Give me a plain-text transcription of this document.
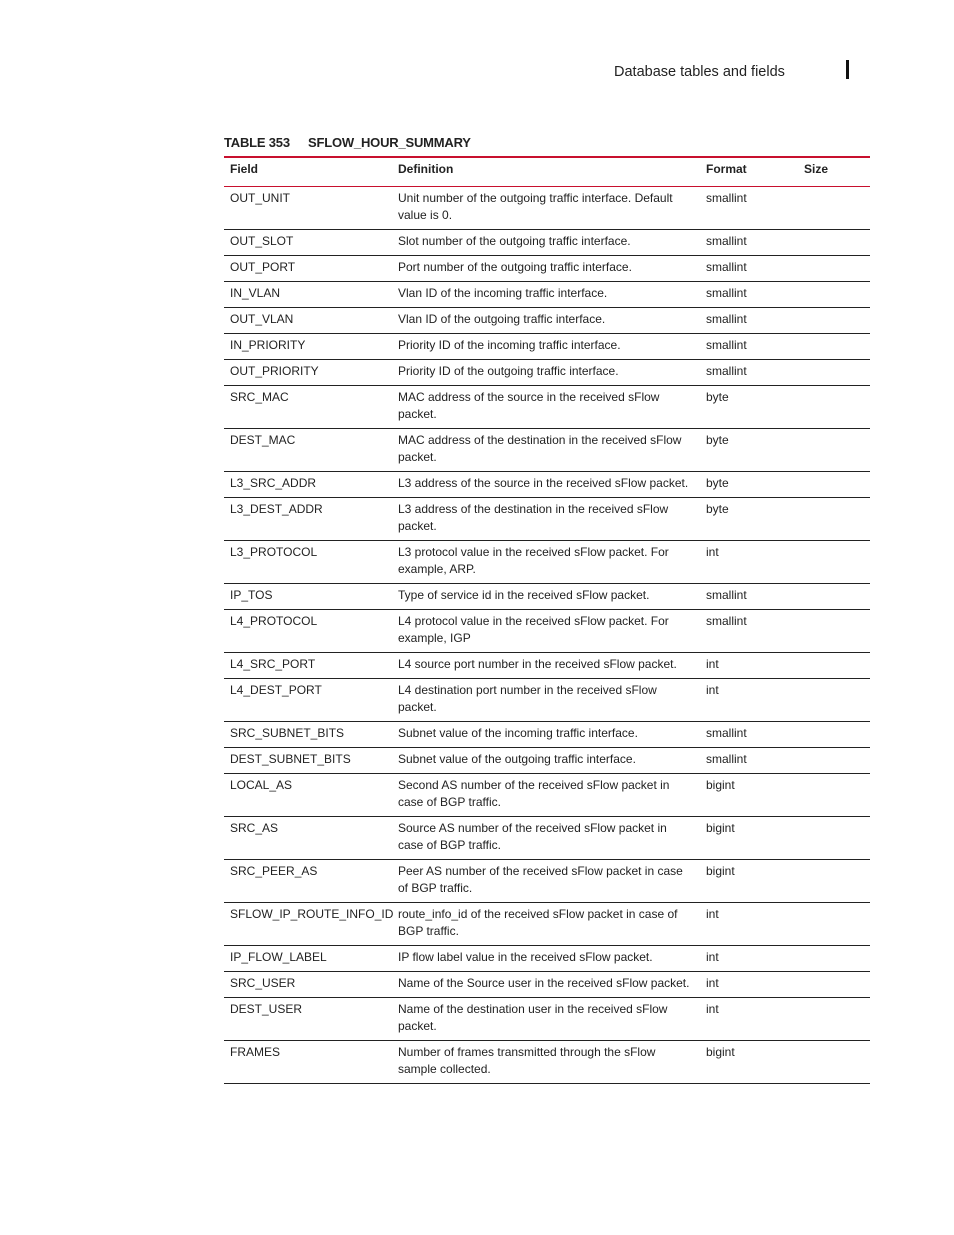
Database tables and fields
TABLE 353 SFLOW_HOUR_SUMMARY
Field	Definition	Format	Size
OUT_UNIT	Unit number of the outgoing traffic interface. Default value is 0.	smallint	
OUT_SLOT	Slot number of the outgoing traffic interface.	smallint	
OUT_PORT	Port number of the outgoing traffic interface.	smallint	
IN_VLAN	Vlan ID of the incoming traffic interface.	smallint	
OUT_VLAN	Vlan ID of the outgoing traffic interface.	smallint	
IN_PRIORITY	Priority ID of the incoming traffic interface.	smallint	
OUT_PRIORITY	Priority ID of the outgoing traffic interface.	smallint	
SRC_MAC	MAC address of the source in the received sFlow packet.	byte	
DEST_MAC	MAC address of the destination in the received sFlow packet.	byte	
L3_SRC_ADDR	L3 address of the source in the received sFlow packet.	byte	
L3_DEST_ADDR	L3 address of the destination in the received sFlow packet.	byte	
L3_PROTOCOL	L3 protocol value in the received sFlow packet. For example, ARP.	int	
IP_TOS	Type of service id in the received sFlow packet.	smallint	
L4_PROTOCOL	L4 protocol value in the received sFlow packet. For example, IGP	smallint	
L4_SRC_PORT	L4 source port number in the received sFlow packet.	int	
L4_DEST_PORT	L4 destination port number in the received sFlow packet.	int	
SRC_SUBNET_BITS	Subnet value of the incoming traffic interface.	smallint	
DEST_SUBNET_BITS	Subnet value of the outgoing traffic interface.	smallint	
LOCAL_AS	Second AS number of the received sFlow packet in case of BGP traffic.	bigint	
SRC_AS	Source AS number of the received sFlow packet in case of BGP traffic.	bigint	
SRC_PEER_AS	Peer AS number of the received sFlow packet in case of BGP traffic.	bigint	
SFLOW_IP_ROUTE_INFO_ID	route_info_id of the received sFlow packet in case of BGP traffic.	int	
IP_FLOW_LABEL	IP flow label value in the received sFlow packet.	int	
SRC_USER	Name of the Source user in the received sFlow packet.	int	
DEST_USER	Name of the destination user in the received sFlow packet.	int	
FRAMES	Number of frames transmitted through the sFlow sample collected.	bigint	
